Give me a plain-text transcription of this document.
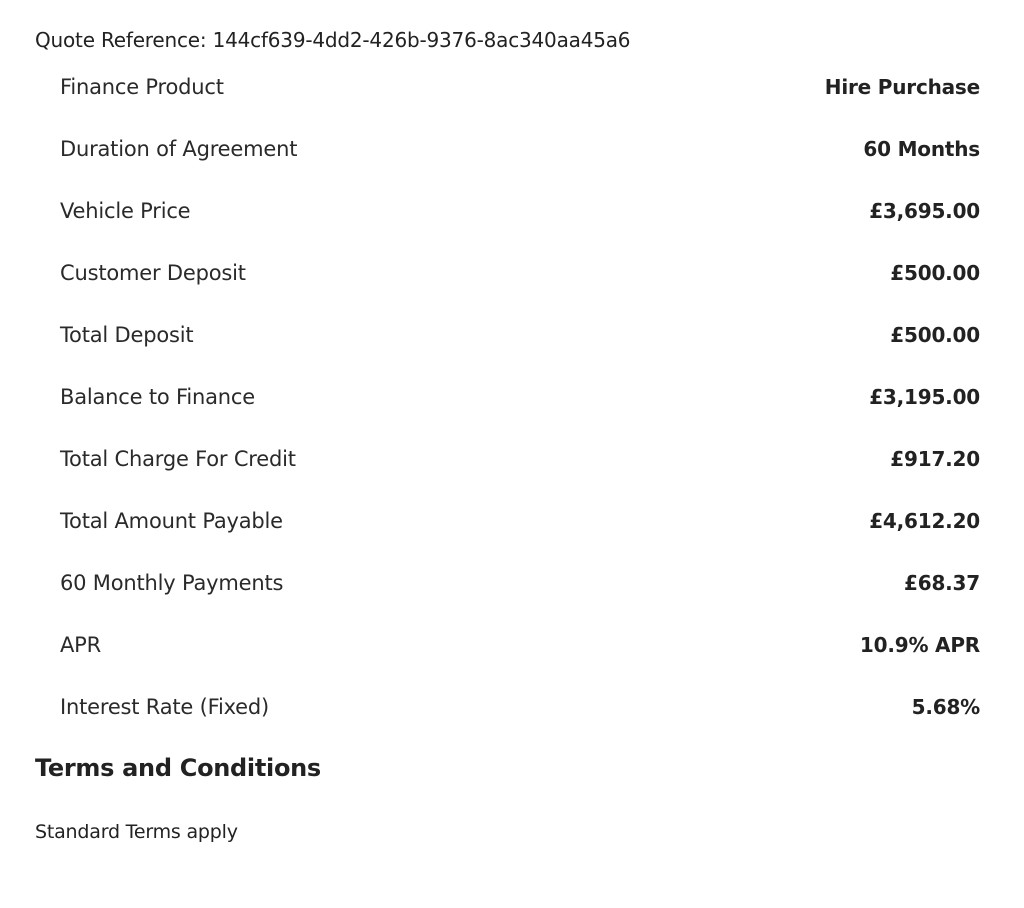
Quote Reference: 144cf639-4dd2-426b-9376-8ac340aa45a6
Finance Product	Hire Purchase
Duration of Agreement	60 Months
Vehicle Price	£3,695.00
Customer Deposit	£500.00
Total Deposit	£500.00
Balance to Finance	£3,195.00
Total Charge For Credit	£917.20
Total Amount Payable	£4,612.20
60 Monthly Payments	£68.37
APR	10.9% APR
Interest Rate (Fixed)	5.68%
Terms and Conditions
Standard Terms apply
